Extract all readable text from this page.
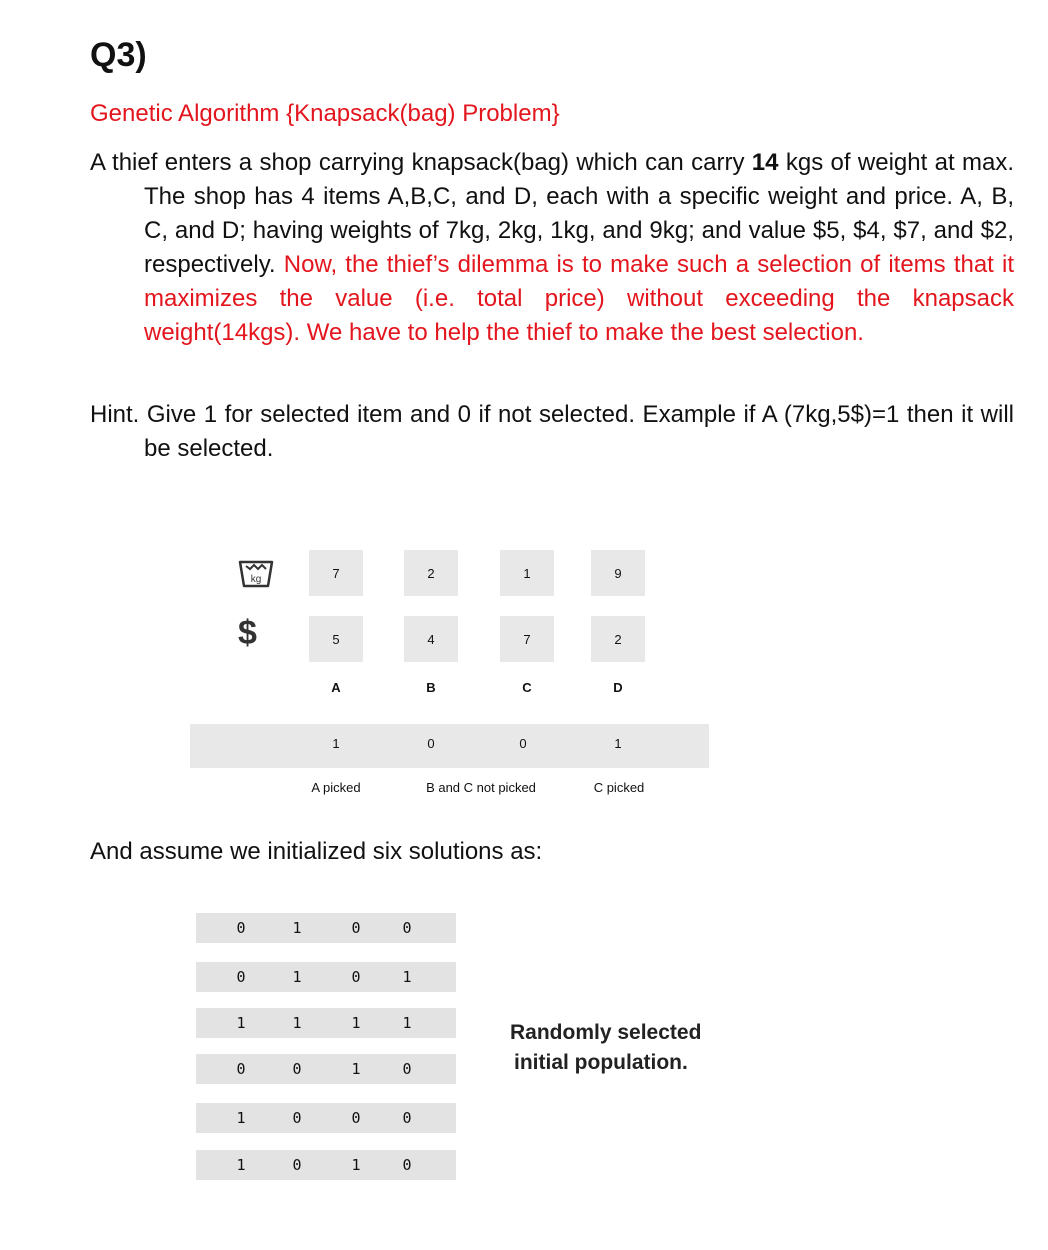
Q3)
Genetic Algorithm {Knapsack(bag) Problem}
A thief enters a shop carrying knapsack(bag) which can carry 14 kgs of weight at max. The shop has 4 items A,B,C, and D, each with a specific weight and price. A, B, C, and D; having weights of 7kg, 2kg, 1kg, and 9kg; and value $5, $4, $7, and $2, respectively. Now, the thief’s dilemma is to make such a selection of items that it maximizes the value (i.e. total price) without exceeding the knapsack weight(14kgs). We have to help the thief to make the best selection.
Hint. Give 1 for selected item and 0 if not selected. Example if A (7kg,5$)=1 then it will be selected.
kg
$
7	2	1	9
5	4	7	2
A	B	C	D
1	0	0	1
A picked	B and C not picked	C picked
And assume we initialized six solutions as:
0	1	0	0
0	1	0	1
1	1	1	1
0	0	1	0
1	0	0	0
1	0	1	0
Randomly selected
initial population.
